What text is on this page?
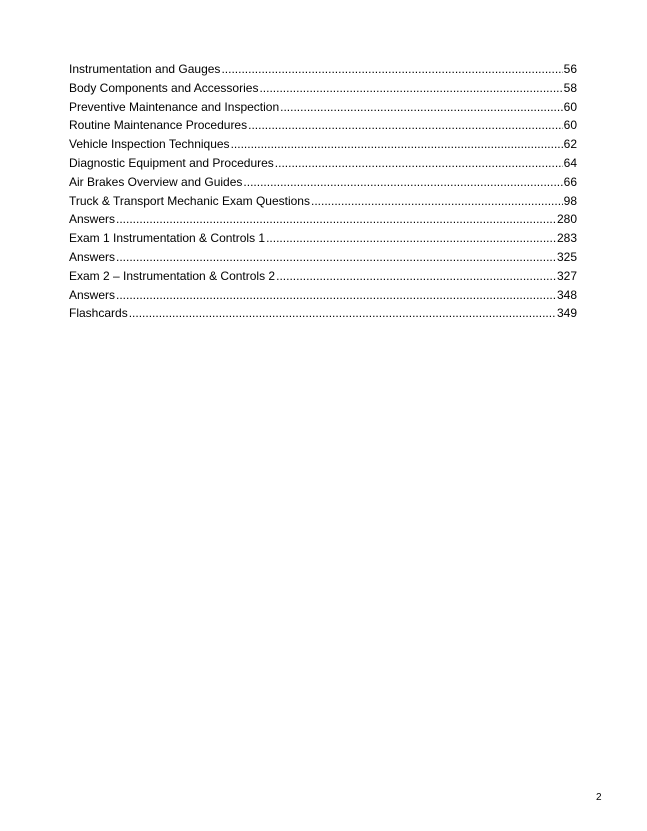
Instrumentation and Gauges .....	56
Body Components and Accessories .....	58
Preventive Maintenance and Inspection .....	60
Routine Maintenance Procedures .....	60
Vehicle Inspection Techniques .....	62
Diagnostic Equipment and Procedures .....	64
Air Brakes Overview and Guides .....	66
Truck & Transport Mechanic Exam Questions .....	98
Answers .....	280
Exam 1 Instrumentation & Controls 1 .....	283
Answers .....	325
Exam 2 – Instrumentation & Controls 2 .....	327
Answers .....	348
Flashcards .....	349
2
